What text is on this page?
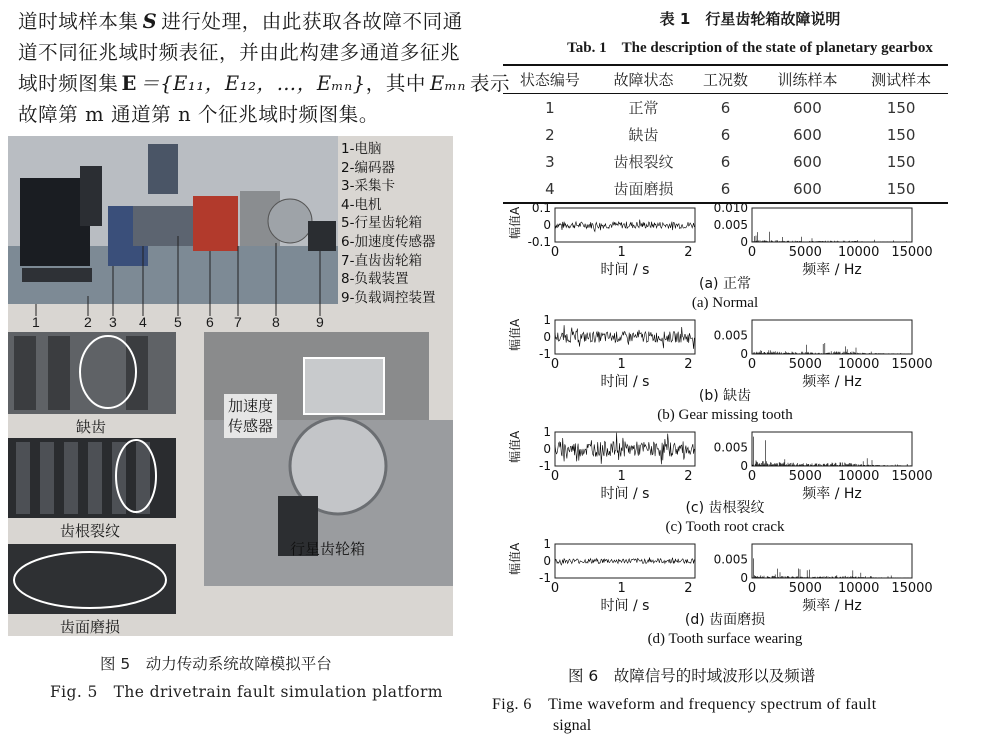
道时域样本集 S 进行处理，由此获取各故障不同通
道不同征兆域时频表征，并由此构建多通道多征兆
域时频图集 E ＝{E₁₁，E₁₂，…，Eₘₙ}，其中 Eₘₙ 表示
故障第 m 通道第 n 个征兆域时频图集。
1	2 3 4 5 6 7 8	9
缺齿
齿根裂纹
齿面磨损
加速度
传感器
行星齿轮箱
1-电脑
2-编码器
3-采集卡
4-电机
5-行星齿轮箱
6-加速度传感器
7-直齿齿轮箱
8-负载装置
9-负载调控装置
图 5　动力传动系统故障模拟平台
Fig. 5　The drivetrain fault simulation platform
表 1　行星齿轮箱故障说明
Tab. 1　The description of the state of planetary gearbox
状态编号	故障状态	工况数	训练样本	测试样本
1	正常	6	600	150
2	缺齿	6	600	150
3	齿根裂纹	6	600	150
4	齿面磨损	6	600	150
0.1
0
-0.1
幅值A
0	1	2
时间 / s
0.010
0.005
0
0	5000 10000 15000
频率 / Hz
(a) 正常
(a) Normal
1
0
-1
幅值A
0	1	2
时间 / s
0.005
0
0	5000 10000 15000
频率 / Hz
(b) 缺齿
(b) Gear missing tooth
1
0
-1
幅值A
0	1	2
时间 / s
0.005
0
0	5000 10000 15000
频率 / Hz
(c) 齿根裂纹
(c) Tooth root crack
1
0
-1
幅值A
0	1	2
时间 / s
0.005
0
0	5000 10000 15000
频率 / Hz
(d) 齿面磨损
(d) Tooth surface wearing
图 6　故障信号的时域波形以及频谱
Fig. 6　Time waveform and frequency spectrum of fault
signal
